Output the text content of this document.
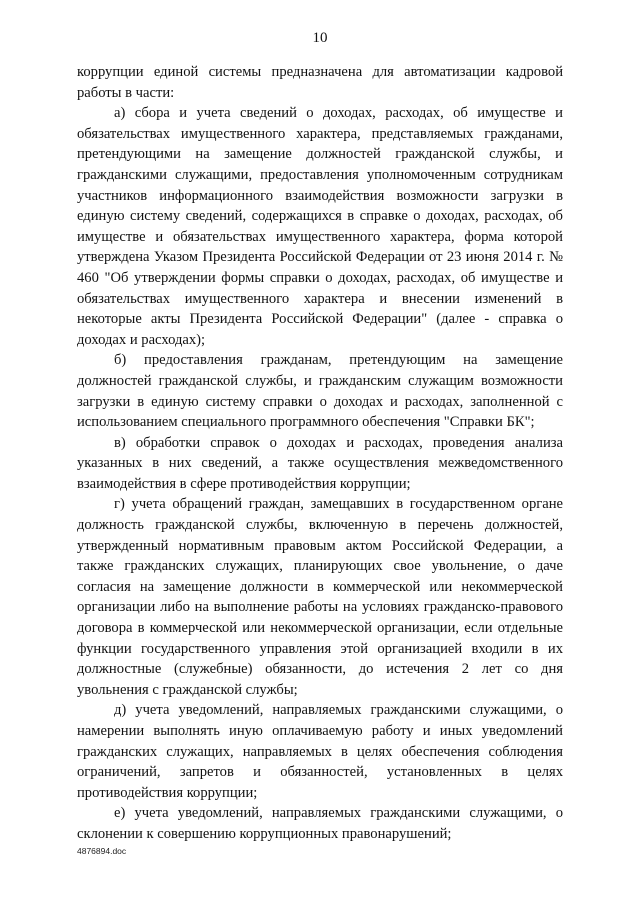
10

коррупции единой системы предназначена для автоматизации кадровой работы в части:

а) сбора и учета сведений о доходах, расходах, об имуществе и обязательствах имущественного характера, представляемых гражданами, претендующими на замещение должностей гражданской службы, и гражданскими служащими, предоставления уполномоченным сотрудникам участников информационного взаимодействия возможности загрузки в единую систему сведений, содержащихся в справке о доходах, расходах, об имуществе и обязательствах имущественного характера, форма которой утверждена Указом Президента Российской Федерации от 23 июня 2014 г. № 460 "Об утверждении формы справки о доходах, расходах, об имуществе и обязательствах имущественного характера и внесении изменений в некоторые акты Президента Российской Федерации" (далее - справка о доходах и расходах);

б) предоставления гражданам, претендующим на замещение должностей гражданской службы, и гражданским служащим возможности загрузки в единую систему справки о доходах и расходах, заполненной с использованием специального программного обеспечения "Справки БК";

в) обработки справок о доходах и расходах, проведения анализа указанных в них сведений, а также осуществления межведомственного взаимодействия в сфере противодействия коррупции;

г) учета обращений граждан, замещавших в государственном органе должность гражданской службы, включенную в перечень должностей, утвержденный нормативным правовым актом Российской Федерации, а также гражданских служащих, планирующих свое увольнение, о даче согласия на замещение должности в коммерческой или некоммерческой организации либо на выполнение работы на условиях гражданско-правового договора в коммерческой или некоммерческой организации, если отдельные функции государственного управления этой организацией входили в их должностные (служебные) обязанности, до истечения 2 лет со дня увольнения с гражданской службы;

д) учета уведомлений, направляемых гражданскими служащими, о намерении выполнять иную оплачиваемую работу и иных уведомлений гражданских служащих, направляемых в целях обеспечения соблюдения ограничений, запретов и обязанностей, установленных в целях противодействия коррупции;

е) учета уведомлений, направляемых гражданскими служащими, о склонении к совершению коррупционных правонарушений;

4876894.doc
